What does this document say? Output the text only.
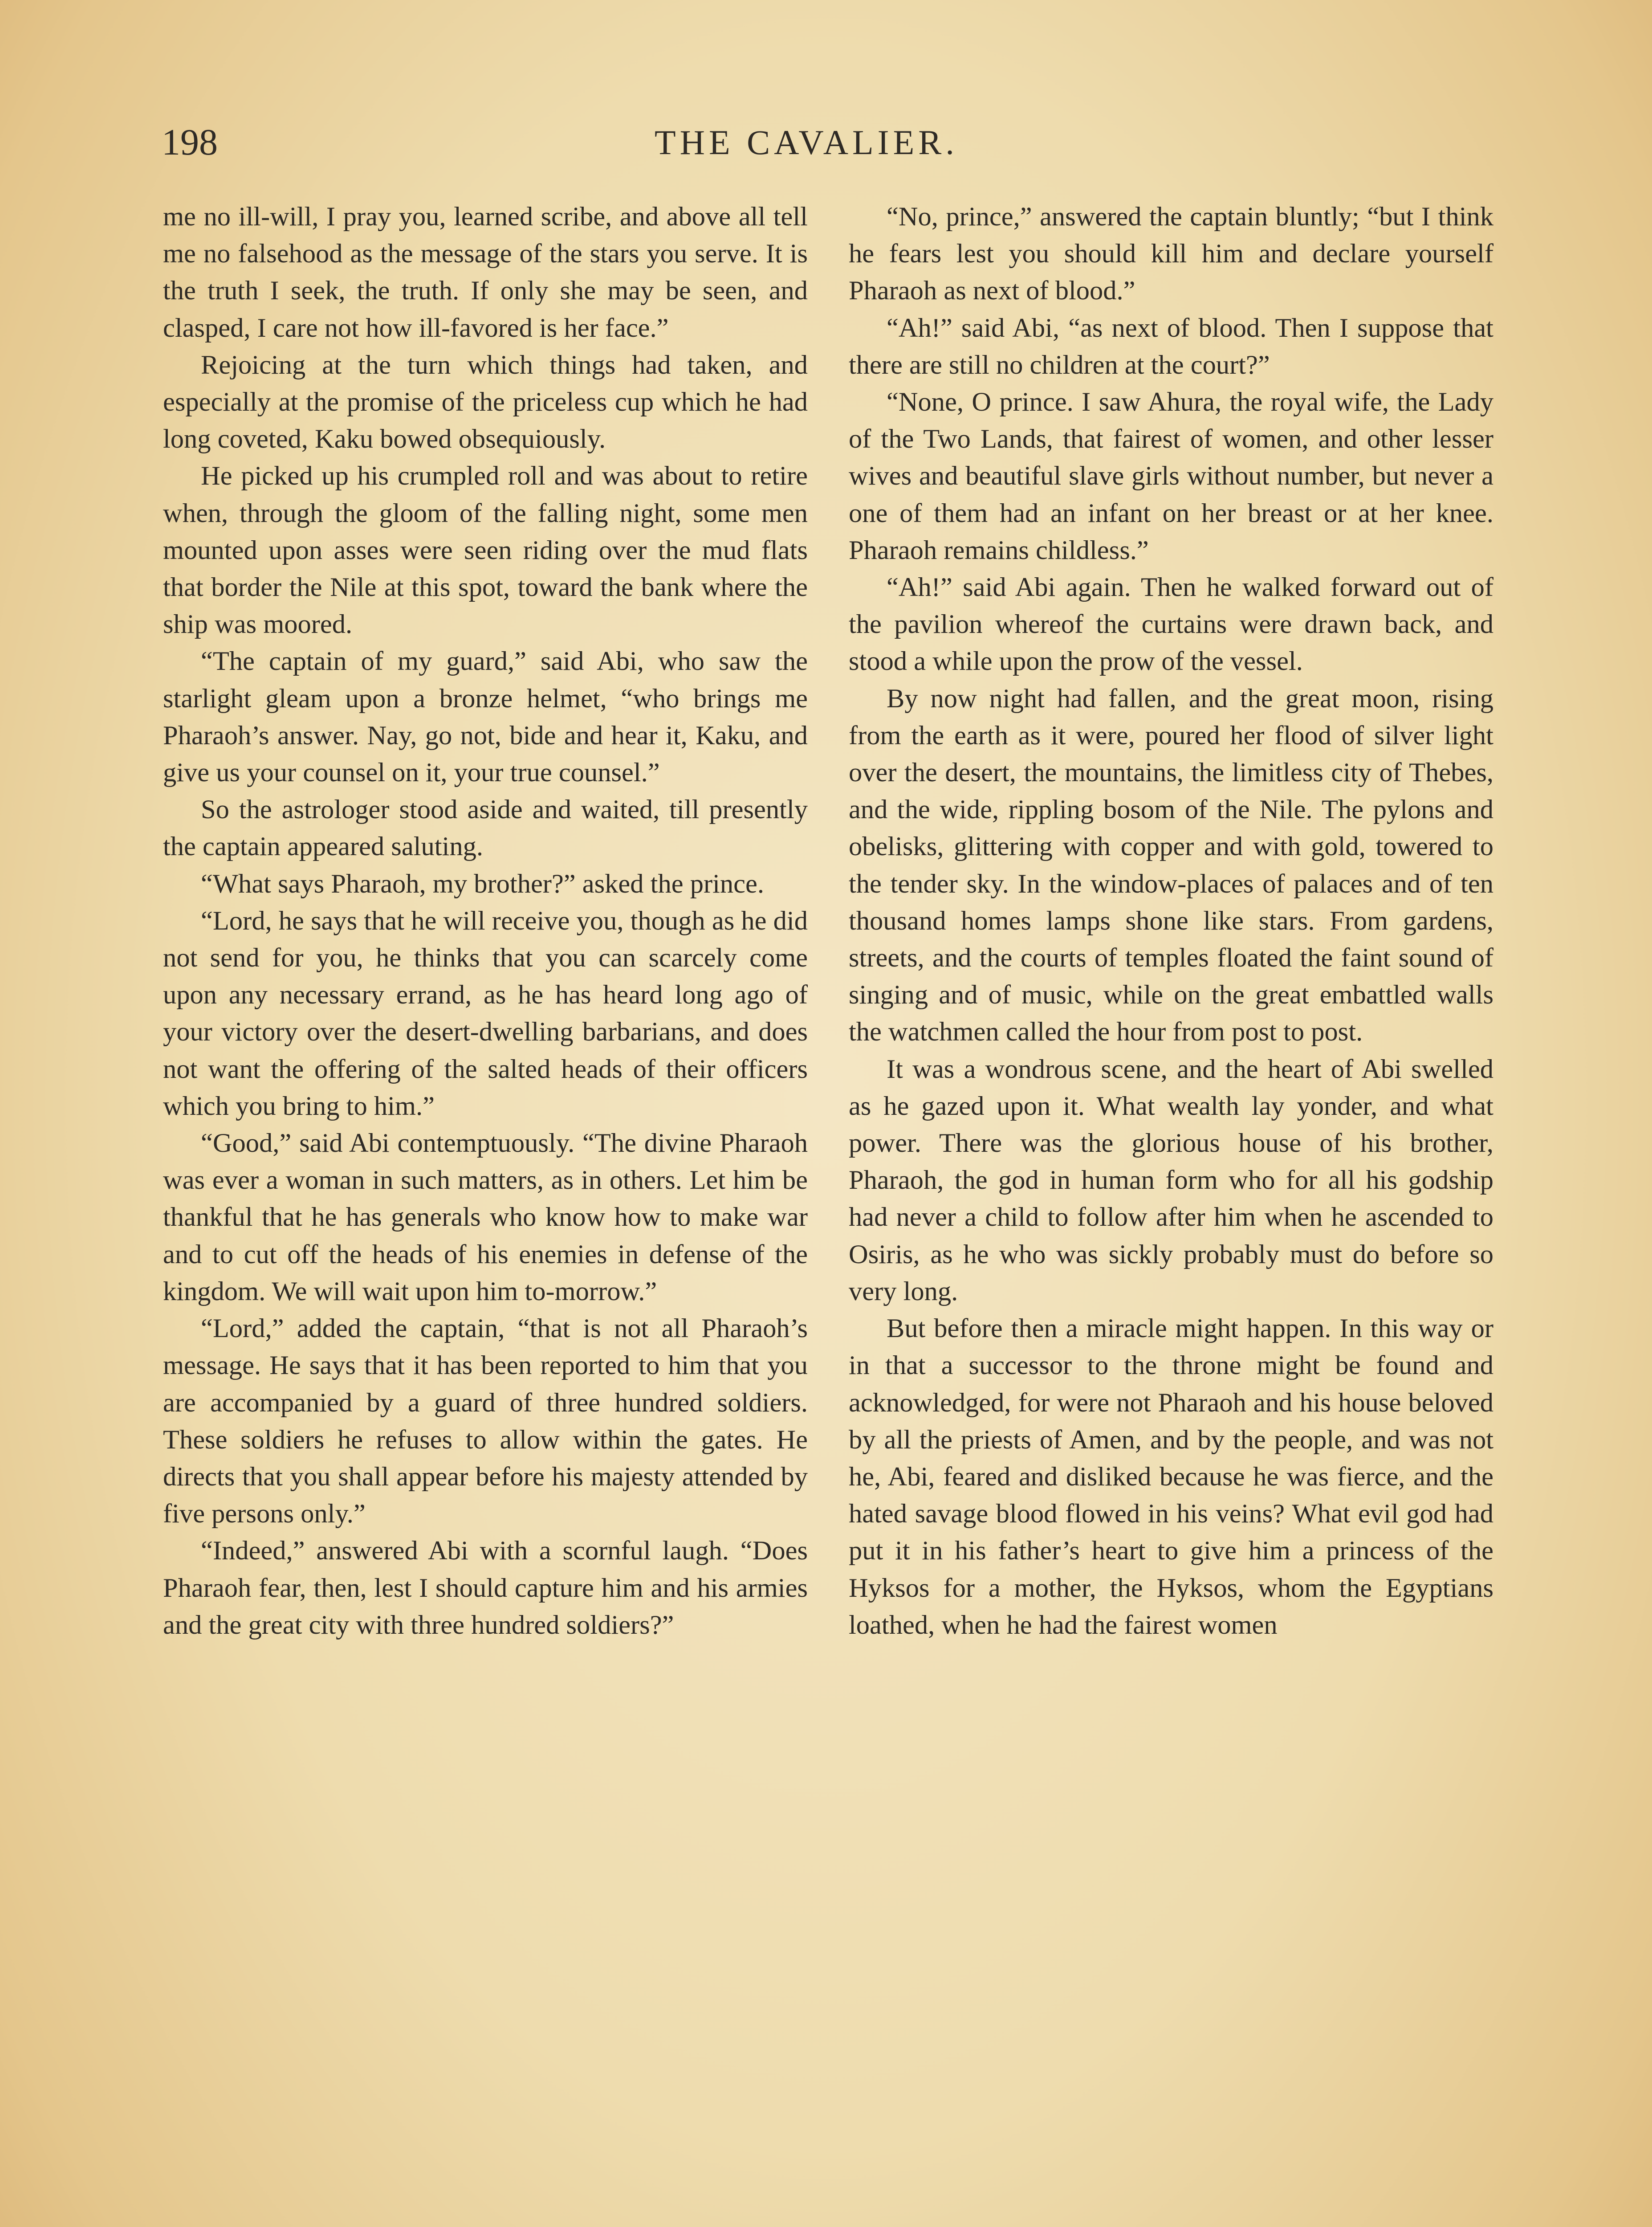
198	THE CAVALIER.

me no ill-will, I pray you, learned scribe, and above all tell me no falsehood as the message of the stars you serve. It is the truth I seek, the truth. If only she may be seen, and clasped, I care not how ill-favored is her face.”

Rejoicing at the turn which things had taken, and especially at the promise of the priceless cup which he had long coveted, Kaku bowed obsequiously.

He picked up his crumpled roll and was about to retire when, through the gloom of the falling night, some men mounted upon asses were seen riding over the mud flats that border the Nile at this spot, toward the bank where the ship was moored.

“The captain of my guard,” said Abi, who saw the starlight gleam upon a bronze helmet, “who brings me Pharaoh’s answer. Nay, go not, bide and hear it, Kaku, and give us your counsel on it, your true counsel.”

So the astrologer stood aside and waited, till presently the captain appeared saluting.

“What says Pharaoh, my brother?” asked the prince.

“Lord, he says that he will receive you, though as he did not send for you, he thinks that you can scarcely come upon any necessary errand, as he has heard long ago of your victory over the desert-dwelling barbarians, and does not want the offering of the salted heads of their officers which you bring to him.”

“Good,” said Abi contemptuously. “The divine Pharaoh was ever a woman in such matters, as in others. Let him be thankful that he has generals who know how to make war and to cut off the heads of his enemies in defense of the kingdom. We will wait upon him to-morrow.”

“Lord,” added the captain, “that is not all Pharaoh’s message. He says that it has been reported to him that you are accompanied by a guard of three hundred soldiers. These soldiers he refuses to allow within the gates. He directs that you shall appear before his majesty attended by five persons only.”

“Indeed,” answered Abi with a scornful laugh. “Does Pharaoh fear, then, lest I should capture him and his armies and the great city with three hundred soldiers?”

“No, prince,” answered the captain bluntly; “but I think he fears lest you should kill him and declare yourself Pharaoh as next of blood.”

“Ah!” said Abi, “as next of blood. Then I suppose that there are still no children at the court?”

“None, O prince. I saw Ahura, the royal wife, the Lady of the Two Lands, that fairest of women, and other lesser wives and beautiful slave girls without number, but never a one of them had an infant on her breast or at her knee. Pharaoh remains childless.”

“Ah!” said Abi again. Then he walked forward out of the pavilion whereof the curtains were drawn back, and stood a while upon the prow of the vessel.

By now night had fallen, and the great moon, rising from the earth as it were, poured her flood of silver light over the desert, the mountains, the limitless city of Thebes, and the wide, rippling bosom of the Nile. The pylons and obelisks, glittering with copper and with gold, towered to the tender sky. In the window-places of palaces and of ten thousand homes lamps shone like stars. From gardens, streets, and the courts of temples floated the faint sound of singing and of music, while on the great embattled walls the watchmen called the hour from post to post.

It was a wondrous scene, and the heart of Abi swelled as he gazed upon it. What wealth lay yonder, and what power. There was the glorious house of his brother, Pharaoh, the god in human form who for all his godship had never a child to follow after him when he ascended to Osiris, as he who was sickly probably must do before so very long.

But before then a miracle might happen. In this way or in that a successor to the throne might be found and acknowledged, for were not Pharaoh and his house beloved by all the priests of Amen, and by the people, and was not he, Abi, feared and disliked because he was fierce, and the hated savage blood flowed in his veins? What evil god had put it in his father’s heart to give him a princess of the Hyksos for a mother, the Hyksos, whom the Egyptians loathed, when he had the fairest women
